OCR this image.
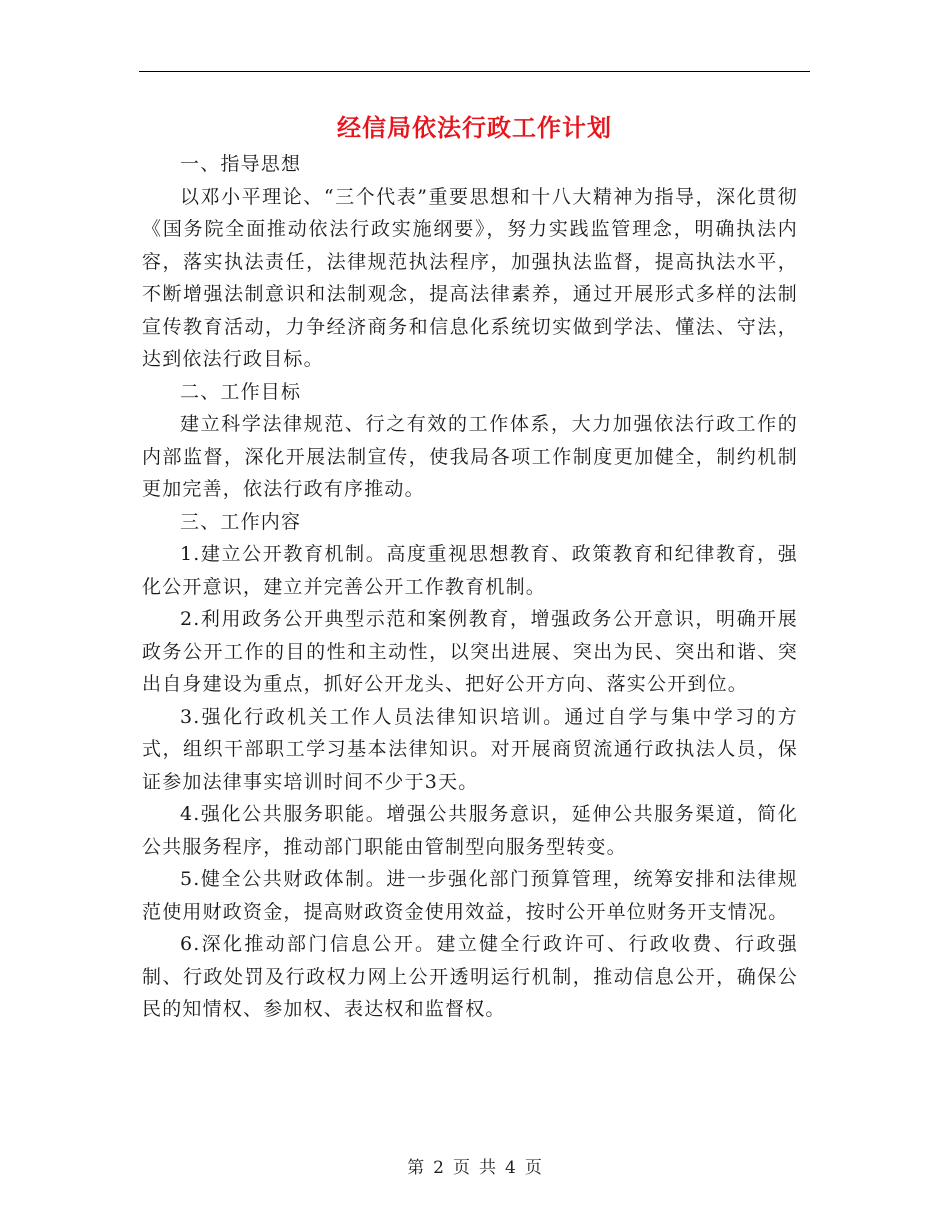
经信局依法行政工作计划

一、指导思想

以邓小平理论、“三个代表”重要思想和十八大精神为指导，深化贯彻《国务院全面推动依法行政实施纲要》，努力实践监管理念，明确执法内容，落实执法责任，法律规范执法程序，加强执法监督，提高执法水平，不断增强法制意识和法制观念，提高法律素养，通过开展形式多样的法制宣传教育活动，力争经济商务和信息化系统切实做到学法、懂法、守法，达到依法行政目标。

二、工作目标

建立科学法律规范、行之有效的工作体系，大力加强依法行政工作的内部监督，深化开展法制宣传，使我局各项工作制度更加健全，制约机制更加完善，依法行政有序推动。

三、工作内容

1.建立公开教育机制。高度重视思想教育、政策教育和纪律教育，强化公开意识，建立并完善公开工作教育机制。

2.利用政务公开典型示范和案例教育，增强政务公开意识，明确开展政务公开工作的目的性和主动性，以突出进展、突出为民、突出和谐、突出自身建设为重点，抓好公开龙头、把好公开方向、落实公开到位。

3.强化行政机关工作人员法律知识培训。通过自学与集中学习的方式，组织干部职工学习基本法律知识。对开展商贸流通行政执法人员，保证参加法律事实培训时间不少于3天。

4.强化公共服务职能。增强公共服务意识，延伸公共服务渠道，简化公共服务程序，推动部门职能由管制型向服务型转变。

5.健全公共财政体制。进一步强化部门预算管理，统筹安排和法律规范使用财政资金，提高财政资金使用效益，按时公开单位财务开支情况。

6.深化推动部门信息公开。建立健全行政许可、行政收费、行政强制、行政处罚及行政权力网上公开透明运行机制，推动信息公开，确保公民的知情权、参加权、表达权和监督权。

第 2 页 共 4 页
